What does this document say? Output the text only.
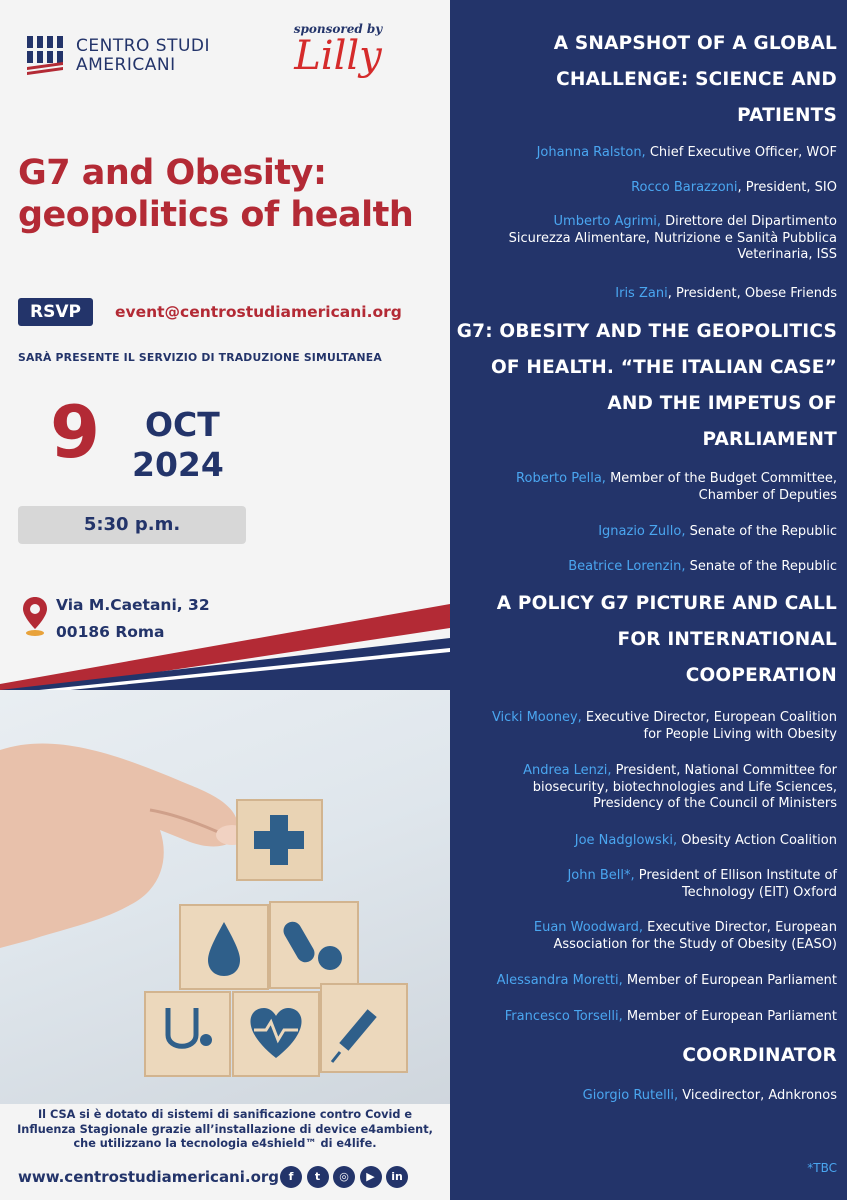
CENTRO STUDI
AMERICANI
sponsored by
Lilly
G7 and Obesity:
geopolitics of health
RSVP	event@centrostudiamericani.org
SARÀ PRESENTE IL SERVIZIO DI TRADUZIONE SIMULTANEA
9 OCT
2024
5:30 p.m.
Via M.Caetani, 32
00186 Roma
Il CSA si è dotato di sistemi di sanificazione contro Covid e Influenza Stagionale grazie all’installazione di device e4ambient, che utilizzano la tecnologia e4shield™ di e4life.
www.centrostudiamericani.org f	t	◎	▶	in
A SNAPSHOT OF A GLOBAL
CHALLENGE: SCIENCE AND
PATIENTS
Johanna Ralston, Chief Executive Officer, WOF
Rocco Barazzoni, President, SIO
Umberto Agrimi, Direttore del Dipartimento
Sicurezza Alimentare, Nutrizione e Sanità Pubblica
Veterinaria, ISS
Iris Zani, President, Obese Friends
G7: OBESITY AND THE GEOPOLITICS
OF HEALTH. “THE ITALIAN CASE”
AND THE IMPETUS OF
PARLIAMENT
Roberto Pella, Member of the Budget Committee,
Chamber of Deputies
Ignazio Zullo, Senate of the Republic
Beatrice Lorenzin, Senate of the Republic
A POLICY G7 PICTURE AND CALL
FOR INTERNATIONAL
COOPERATION
Vicki Mooney, Executive Director, European Coalition
for People Living with Obesity
Andrea Lenzi, President, National Committee for
biosecurity, biotechnologies and Life Sciences,
Presidency of the Council of Ministers
Joe Nadglowski, Obesity Action Coalition
John Bell*, President of Ellison Institute of
Technology (EIT) Oxford
Euan Woodward, Executive Director, European
Association for the Study of Obesity (EASO)
Alessandra Moretti, Member of European Parliament
Francesco Torselli, Member of European Parliament
COORDINATOR
Giorgio Rutelli, Vicedirector, Adnkronos
*TBC
